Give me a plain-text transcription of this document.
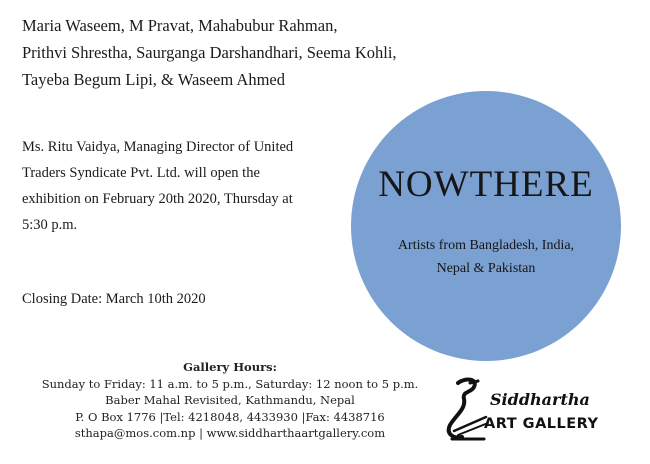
Maria Waseem, M Pravat, Mahabubur Rahman,
Prithvi Shrestha, Saurganga Darshandhari, Seema Kohli,
Tayeba Begum Lipi, & Waseem Ahmed
Ms. Ritu Vaidya, Managing Director of United
Traders Syndicate Pvt. Ltd. will open the
exhibition on February 20th 2020, Thursday at
5:30 p.m.
Closing Date: March 10th 2020
NOWTHERE
Artists from Bangladesh, India,
Nepal & Pakistan
Gallery Hours:
Sunday to Friday: 11 a.m. to 5 p.m., Saturday: 12 noon to 5 p.m.
Baber Mahal Revisited, Kathmandu, Nepal
P. O Box 1776 |Tel: 4218048, 4433930 |Fax: 4438716
sthapa@mos.com.np | www.siddharthaartgallery.com
Siddhartha
ART GALLERY
